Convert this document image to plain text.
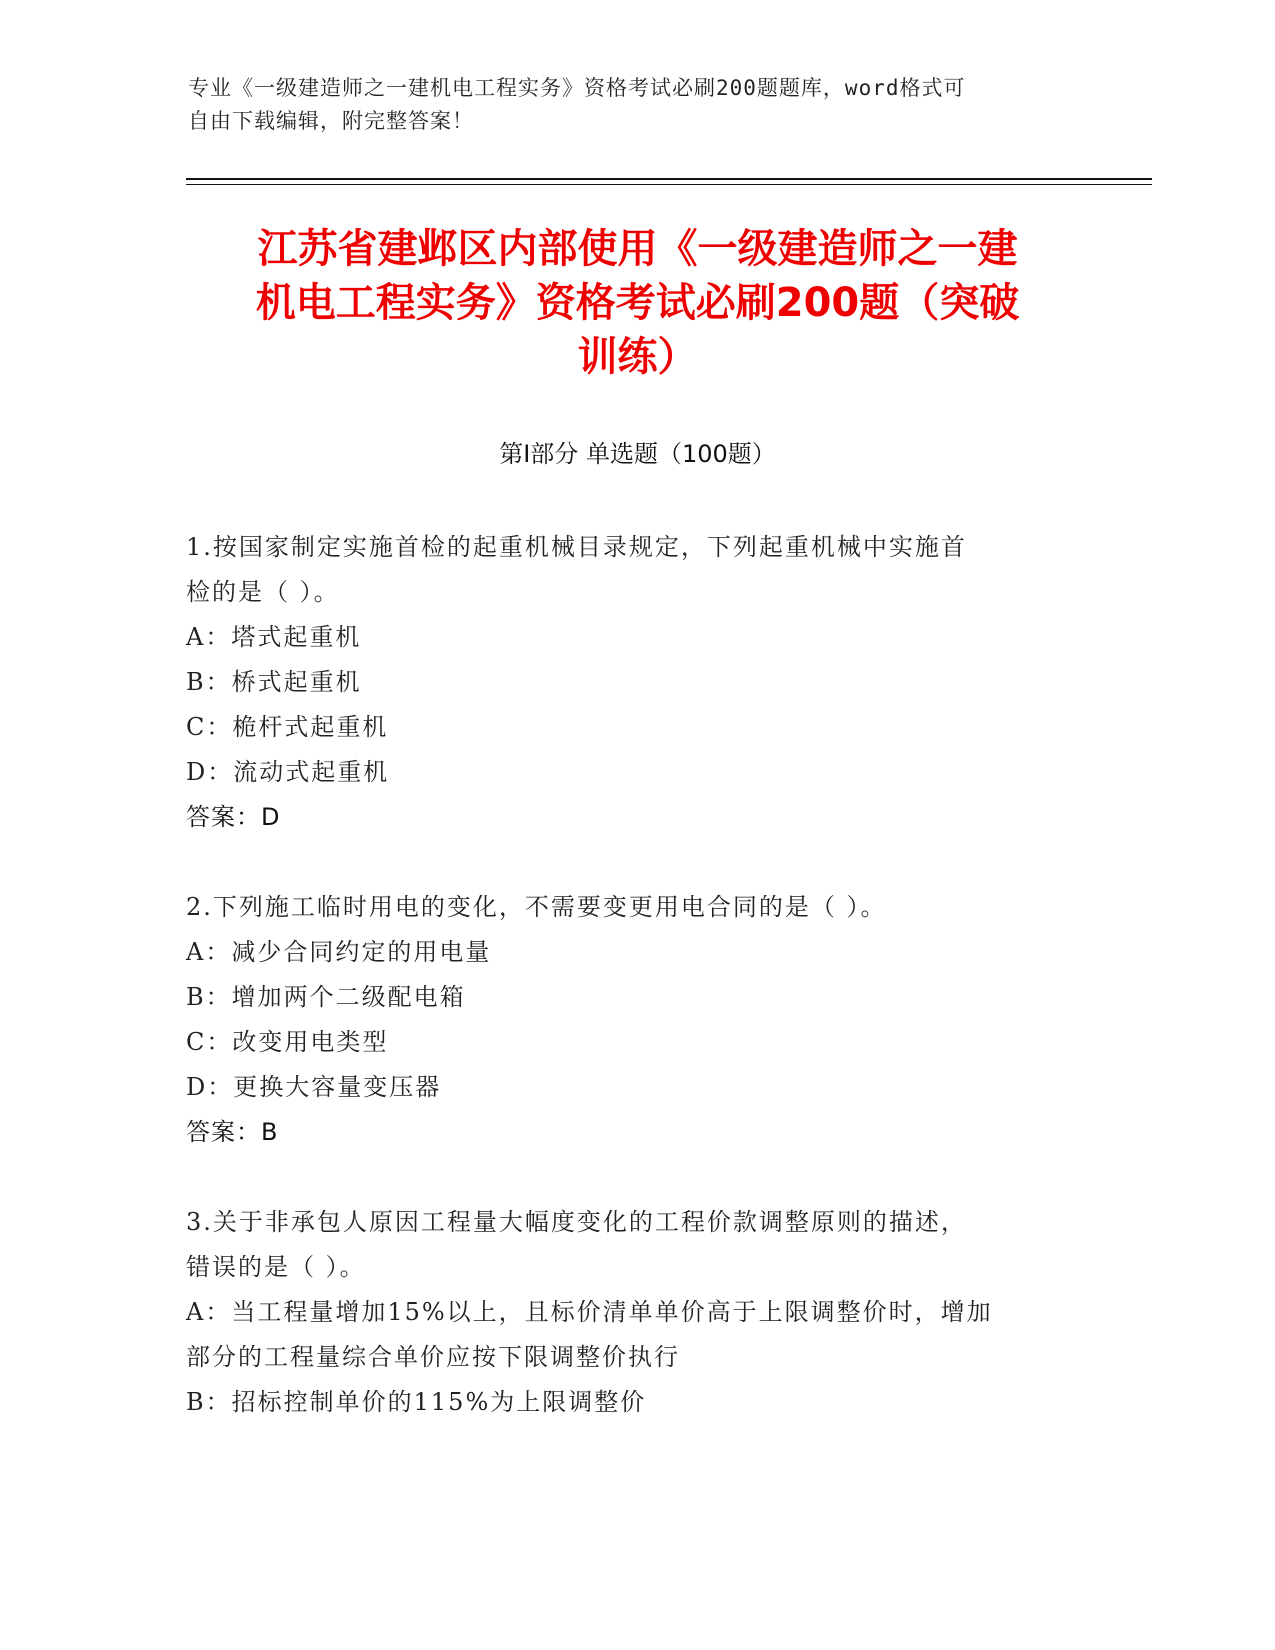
专业《一级建造师之一建机电工程实务》资格考试必刷200题题库，word格式可
自由下载编辑，附完整答案！
江苏省建邺区内部使用《一级建造师之一建
机电工程实务》资格考试必刷200题（突破
训练）
第Ⅰ部分 单选题（100题）
1.按国家制定实施首检的起重机械目录规定，下列起重机械中实施首
检的是（ ）。
A：塔式起重机
B：桥式起重机
C：桅杆式起重机
D：流动式起重机
答案：D
2.下列施工临时用电的变化，不需要变更用电合同的是（ ）。
A：减少合同约定的用电量
B：增加两个二级配电箱
C：改变用电类型
D：更换大容量变压器
答案：B
3.关于非承包人原因工程量大幅度变化的工程价款调整原则的描述，
错误的是（ ）。
A：当工程量增加15%以上，且标价清单单价高于上限调整价时，增加
部分的工程量综合单价应按下限调整价执行
B：招标控制单价的115%为上限调整价
